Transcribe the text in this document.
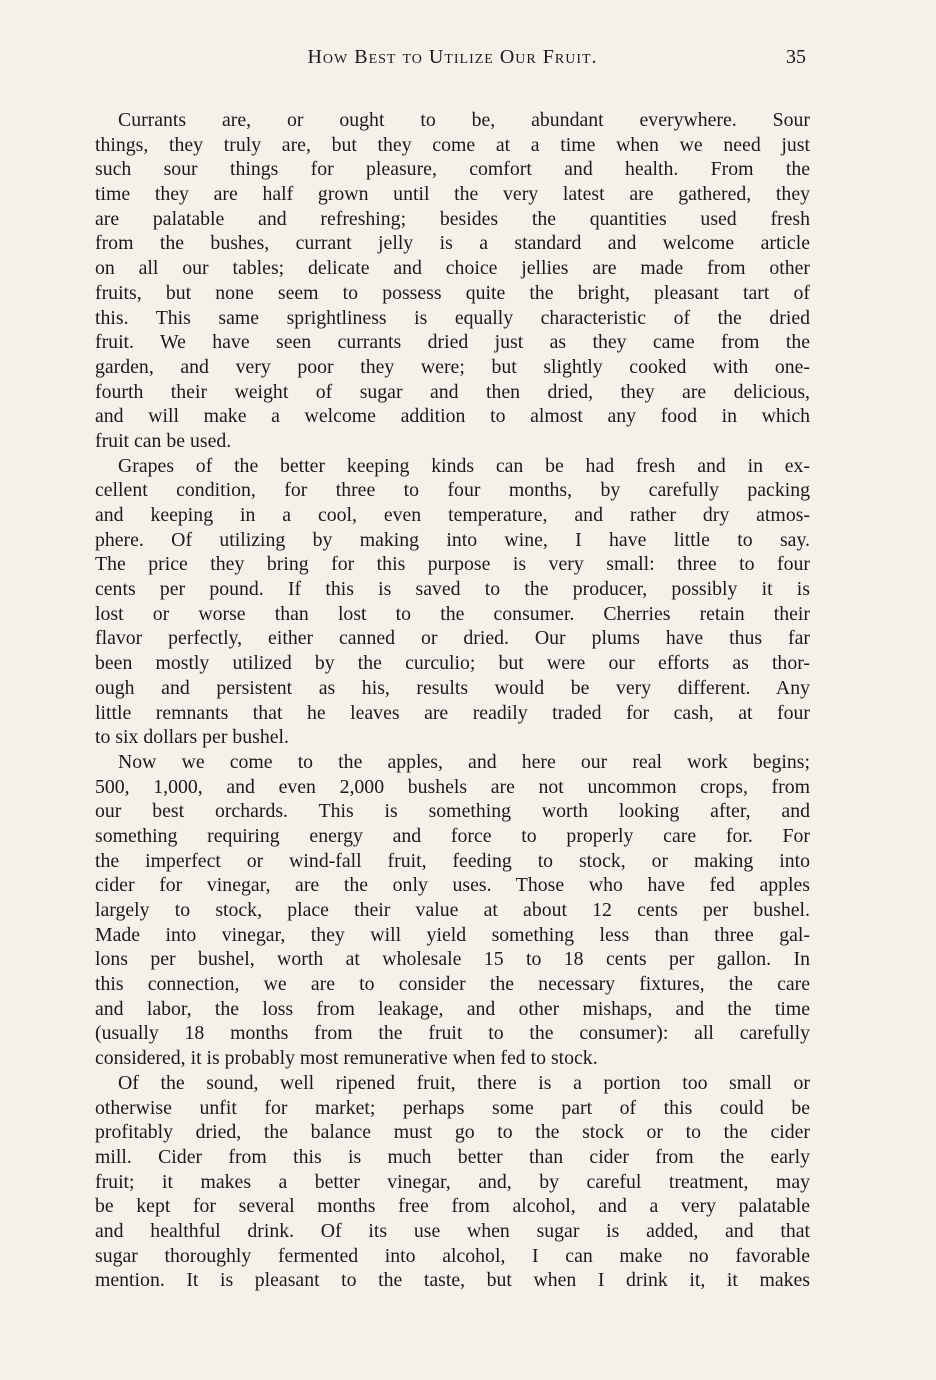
How Best to Utilize Our Fruit.	35
Currants are, or ought to be, abundant everywhere. Sour
things, they truly are, but they come at a time when we need just
such sour things for pleasure, comfort and health. From the
time they are half grown until the very latest are gathered, they
are palatable and refreshing; besides the quantities used fresh
from the bushes, currant jelly is a standard and welcome article
on all our tables; delicate and choice jellies are made from other
fruits, but none seem to possess quite the bright, pleasant tart of
this. This same sprightliness is equally characteristic of the dried
fruit. We have seen currants dried just as they came from the
garden, and very poor they were; but slightly cooked with one-
fourth their weight of sugar and then dried, they are delicious,
and will make a welcome addition to almost any food in which
fruit can be used.
Grapes of the better keeping kinds can be had fresh and in ex-
cellent condition, for three to four months, by carefully packing
and keeping in a cool, even temperature, and rather dry atmos-
phere. Of utilizing by making into wine, I have little to say.
The price they bring for this purpose is very small: three to four
cents per pound. If this is saved to the producer, possibly it is
lost or worse than lost to the consumer. Cherries retain their
flavor perfectly, either canned or dried. Our plums have thus far
been mostly utilized by the curculio; but were our efforts as thor-
ough and persistent as his, results would be very different. Any
little remnants that he leaves are readily traded for cash, at four
to six dollars per bushel.
Now we come to the apples, and here our real work begins;
500, 1,000, and even 2,000 bushels are not uncommon crops, from
our best orchards. This is something worth looking after, and
something requiring energy and force to properly care for. For
the imperfect or wind-fall fruit, feeding to stock, or making into
cider for vinegar, are the only uses. Those who have fed apples
largely to stock, place their value at about 12 cents per bushel.
Made into vinegar, they will yield something less than three gal-
lons per bushel, worth at wholesale 15 to 18 cents per gallon. In
this connection, we are to consider the necessary fixtures, the care
and labor, the loss from leakage, and other mishaps, and the time
(usually 18 months from the fruit to the consumer): all carefully
considered, it is probably most remunerative when fed to stock.
Of the sound, well ripened fruit, there is a portion too small or
otherwise unfit for market; perhaps some part of this could be
profitably dried, the balance must go to the stock or to the cider
mill. Cider from this is much better than cider from the early
fruit; it makes a better vinegar, and, by careful treatment, may
be kept for several months free from alcohol, and a very palatable
and healthful drink. Of its use when sugar is added, and that
sugar thoroughly fermented into alcohol, I can make no favorable
mention. It is pleasant to the taste, but when I drink it, it makes
